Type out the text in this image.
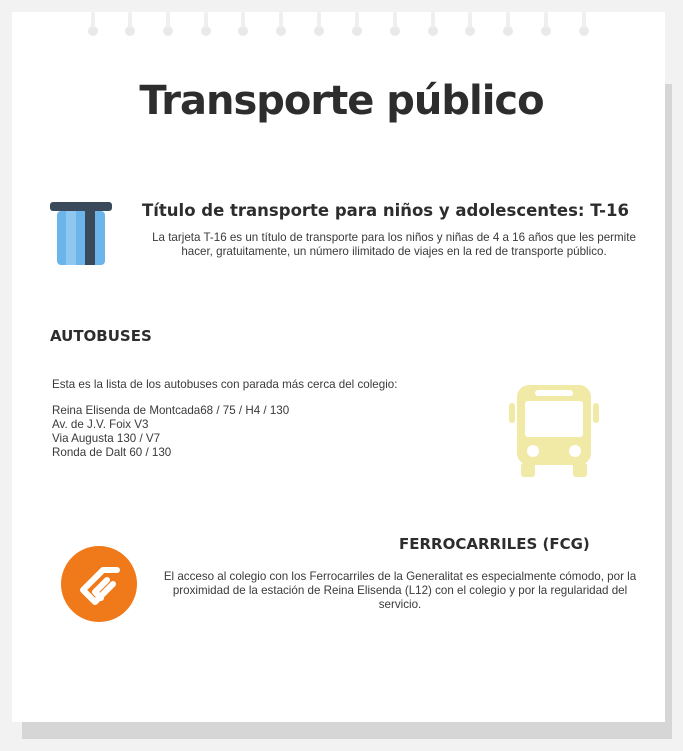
Transporte público
Título de transporte para niños y adolescentes: T-16

La tarjeta T-16 es un título de transporte para los niños y niñas de 4 a 16 años que les permite hacer, gratuitamente, un número ilimitado de viajes en la red de transporte público.

AUTOBUSES

Esta es la lista de los autobuses con parada más cerca del colegio:

Reina Elisenda de Montcada68 / 75 / H4 / 130
Av. de J.V. Foix V3
Via Augusta 130 / V7
Ronda de Dalt 60 / 130
FERROCARRILES (FCG)

El acceso al colegio con los Ferrocarriles de la Generalitat es especialmente cómodo, por la proximidad de la estación de Reina Elisenda (L12) con el colegio y por la regularidad del servicio.
